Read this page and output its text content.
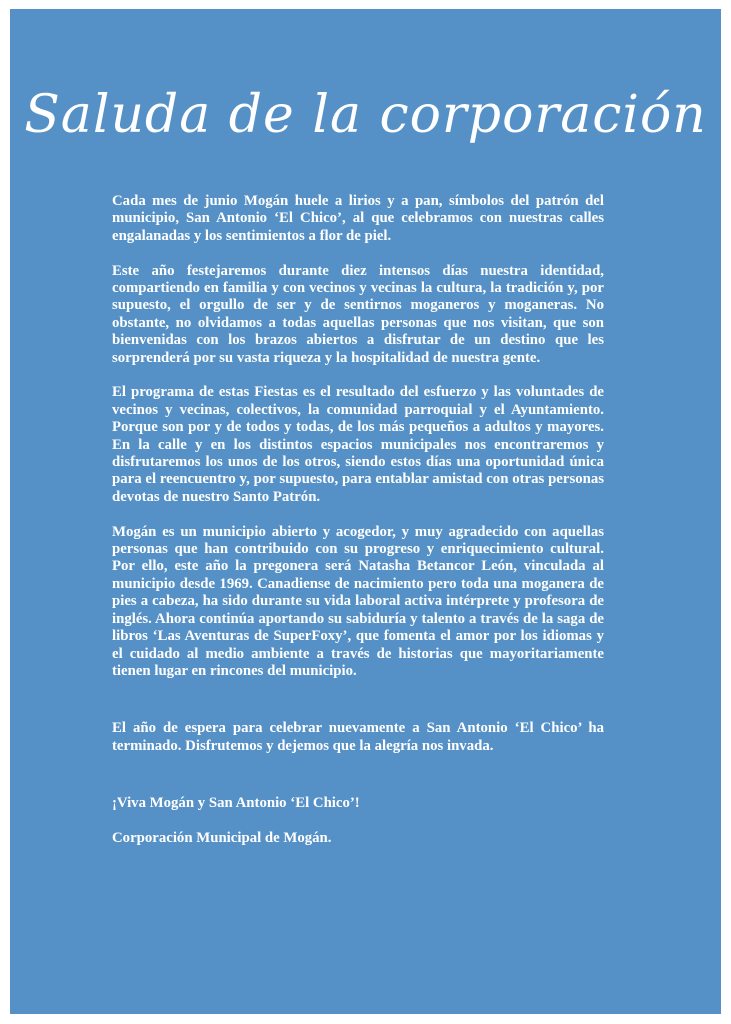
Saluda de la corporación

Cada mes de junio Mogán huele a lirios y a pan, símbolos del patrón del municipio, San Antonio ‘El Chico’, al que celebramos con nuestras calles engalanadas y los sentimientos a flor de piel.

Este año festejaremos durante diez intensos días nuestra identidad, compartiendo en familia y con vecinos y vecinas la cultura, la tradición y, por supuesto, el orgullo de ser y de sentirnos moganeros y moganeras. No obstante, no olvidamos a todas aquellas personas que nos visitan, que son bienvenidas con los brazos abiertos a disfrutar de un destino que les sorprenderá por su vasta riqueza y la hospitalidad de nuestra gente.

El programa de estas Fiestas es el resultado del esfuerzo y las voluntades de vecinos y vecinas, colectivos, la comunidad parroquial y el Ayuntamiento. Porque son por y de todos y todas, de los más pequeños a adultos y mayores. En la calle y en los distintos espacios municipales nos encontraremos y disfrutaremos los unos de los otros, siendo estos días una oportunidad única para el reencuentro y, por supuesto, para entablar amistad con otras personas devotas de nuestro Santo Patrón.

Mogán es un municipio abierto y acogedor, y muy agradecido con aquellas personas que han contribuido con su progreso y enriquecimiento cultural. Por ello, este año la pregonera será Natasha Betancor León, vinculada al municipio desde 1969. Canadiense de nacimiento pero toda una moganera de pies a cabeza, ha sido durante su vida laboral activa intérprete y profesora de inglés. Ahora continúa aportando su sabiduría y talento a través de la saga de libros ‘Las Aventuras de SuperFoxy’, que fomenta el amor por los idiomas y el cuidado al medio ambiente a través de historias que mayoritariamente tienen lugar en rincones del municipio.

El año de espera para celebrar nuevamente a San Antonio ‘El Chico’ ha terminado. Disfrutemos y dejemos que la alegría nos invada.

¡Viva Mogán y San Antonio ‘El Chico’!

Corporación Municipal de Mogán.
